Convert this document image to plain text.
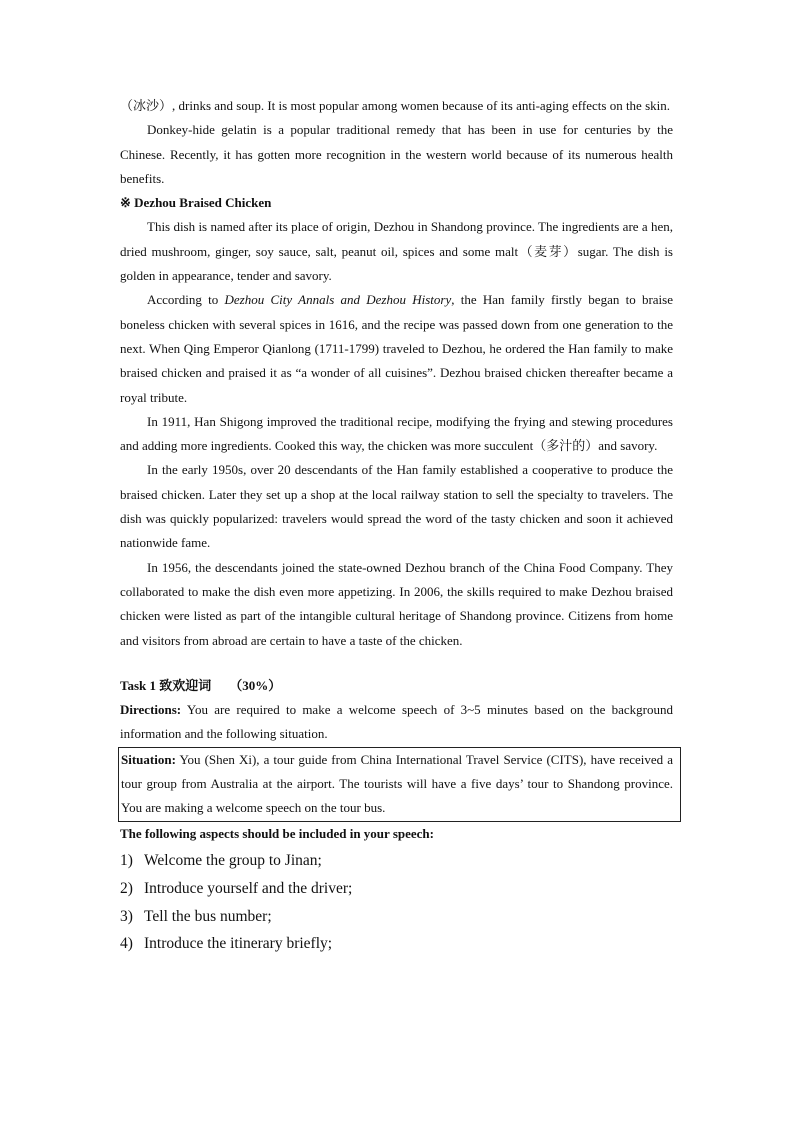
（冰沙）, drinks and soup. It is most popular among women because of its anti-aging effects on the skin.

Donkey-hide gelatin is a popular traditional remedy that has been in use for centuries by the Chinese. Recently, it has gotten more recognition in the western world because of its numerous health benefits.

※ Dezhou Braised Chicken

This dish is named after its place of origin, Dezhou in Shandong province. The ingredients are a hen, dried mushroom, ginger, soy sauce, salt, peanut oil, spices and some malt（麦芽）sugar. The dish is golden in appearance, tender and savory.

According to Dezhou City Annals and Dezhou History, the Han family firstly began to braise boneless chicken with several spices in 1616, and the recipe was passed down from one generation to the next. When Qing Emperor Qianlong (1711-1799) traveled to Dezhou, he ordered the Han family to make braised chicken and praised it as “a wonder of all cuisines”. Dezhou braised chicken thereafter became a royal tribute.

In 1911, Han Shigong improved the traditional recipe, modifying the frying and stewing procedures and adding more ingredients. Cooked this way, the chicken was more succulent（多汁的）and savory.

In the early 1950s, over 20 descendants of the Han family established a cooperative to produce the braised chicken. Later they set up a shop at the local railway station to sell the specialty to travelers. The dish was quickly popularized: travelers would spread the word of the tasty chicken and soon it achieved nationwide fame.

In 1956, the descendants joined the state-owned Dezhou branch of the China Food Company. They collaborated to make the dish even more appetizing. In 2006, the skills required to make Dezhou braised chicken were listed as part of the intangible cultural heritage of Shandong province. Citizens from home and visitors from abroad are certain to have a taste of the chicken.

Task 1 致欢迎词 （30%）

Directions: You are required to make a welcome speech of 3~5 minutes based on the background information and the following situation.

Situation: You (Shen Xi), a tour guide from China International Travel Service (CITS), have received a tour group from Australia at the airport. The tourists will have a five days’ tour to Shandong province. You are making a welcome speech on the tour bus.

The following aspects should be included in your speech:

1) Welcome the group to Jinan;
2) Introduce yourself and the driver;
3) Tell the bus number;
4) Introduce the itinerary briefly;
